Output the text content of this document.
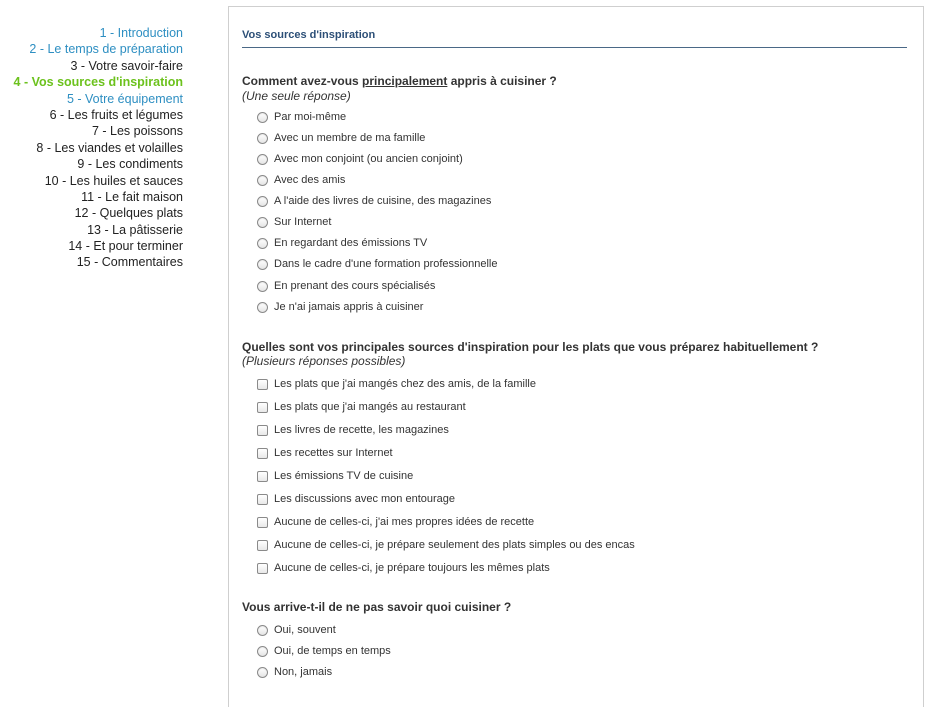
1 - Introduction
2 - Le temps de préparation
3 - Votre savoir-faire
4 - Vos sources d'inspiration
5 - Votre équipement
6 - Les fruits et légumes
7 - Les poissons
8 - Les viandes et volailles
9 - Les condiments
10 - Les huiles et sauces
11 - Le fait maison
12 - Quelques plats
13 - La pâtisserie
14 - Et pour terminer
15 - Commentaires
Vos sources d'inspiration
Comment avez-vous principalement appris à cuisiner ?
(Une seule réponse)
Par moi-même
Avec un membre de ma famille
Avec mon conjoint (ou ancien conjoint)
Avec des amis
A l'aide des livres de cuisine, des magazines
Sur Internet
En regardant des émissions TV
Dans le cadre d'une formation professionnelle
En prenant des cours spécialisés
Je n'ai jamais appris à cuisiner
Quelles sont vos principales sources d'inspiration pour les plats que vous préparez habituellement ?
(Plusieurs réponses possibles)
Les plats que j'ai mangés chez des amis, de la famille
Les plats que j'ai mangés au restaurant
Les livres de recette, les magazines
Les recettes sur Internet
Les émissions TV de cuisine
Les discussions avec mon entourage
Aucune de celles-ci, j'ai mes propres idées de recette
Aucune de celles-ci, je prépare seulement des plats simples ou des encas
Aucune de celles-ci, je prépare toujours les mêmes plats
Vous arrive-t-il de ne pas savoir quoi cuisiner ?
Oui, souvent
Oui, de temps en temps
Non, jamais
